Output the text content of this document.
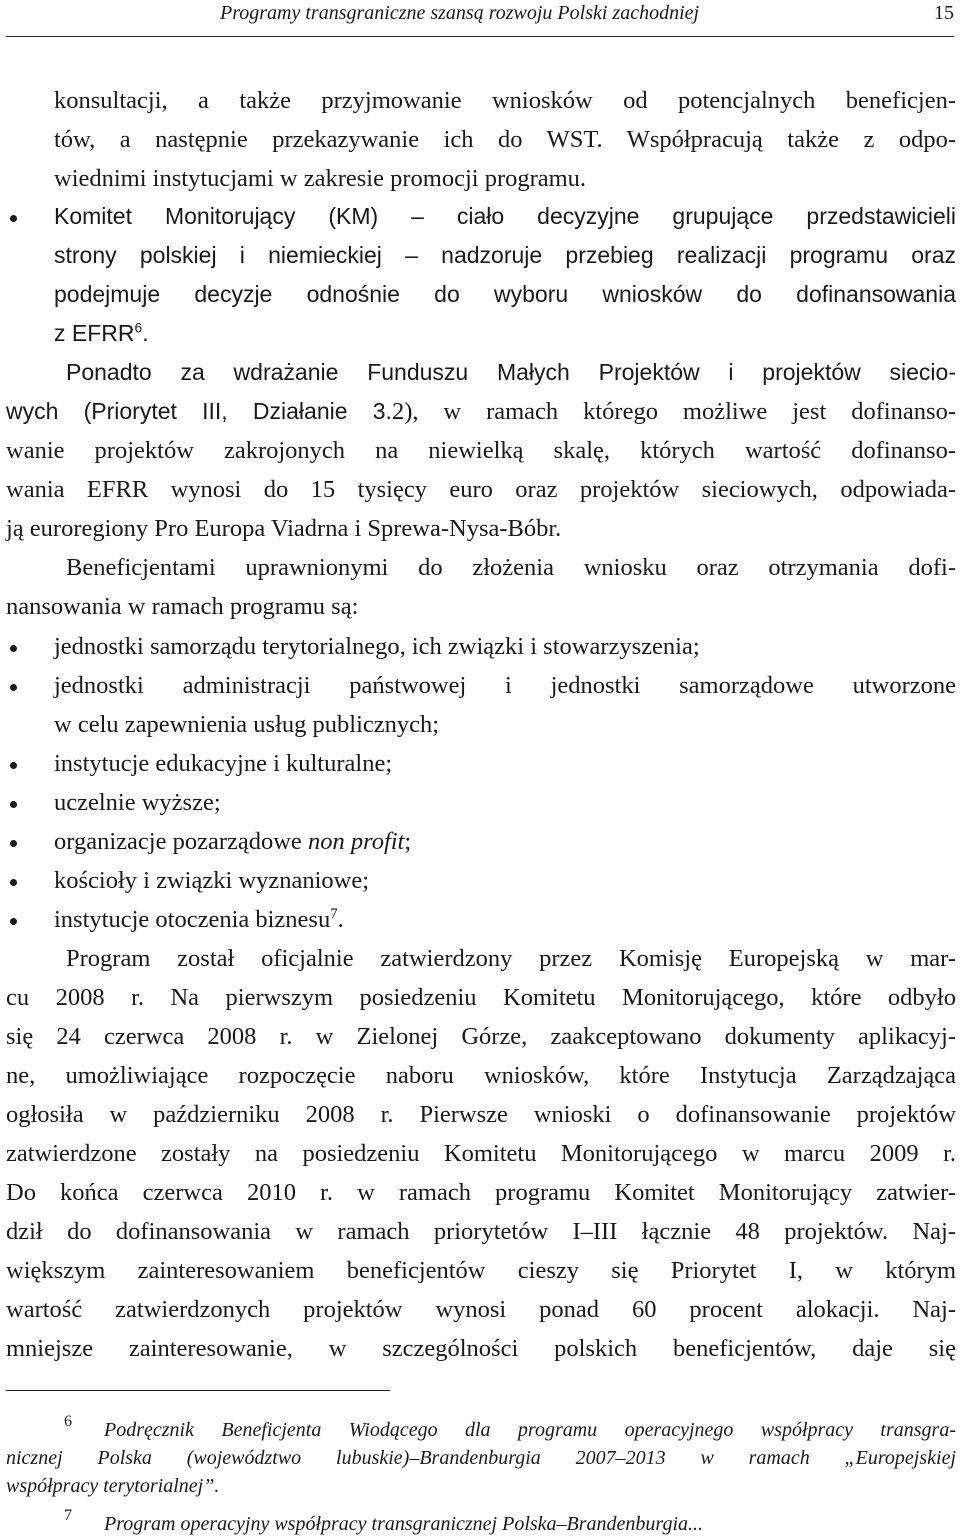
Programy transgraniczne szansą rozwoju Polski zachodniej	15
konsultacji, a także przyjmowanie wniosków od potencjalnych beneficjen-
tów, a następnie przekazywanie ich do WST. Współpracują także z odpo-
wiednimi instytucjami w zakresie promocji programu.
Komitet Monitorujący (KM) – ciało decyzyjne grupujące przedstawicieli
strony polskiej i niemieckiej – nadzoruje przebieg realizacji programu oraz
podejmuje decyzje odnośnie do wyboru wniosków do dofinansowania
z EFRR$^6$.
Ponadto za wdrażanie Funduszu Małych Projektów i projektów siecio-
wych (Priorytet III, Działanie 3.2), w ramach którego możliwe jest dofinanso-
wanie projektów zakrojonych na niewielką skalę, których wartość dofinanso-
wania EFRR wynosi do 15 tysięcy euro oraz projektów sieciowych, odpowiada-
ją euroregiony Pro Europa Viadrna i Sprewa-Nysa-Bóbr.
Beneficjentami uprawnionymi do złożenia wniosku oraz otrzymania dofi-
nansowania w ramach programu są:
jednostki samorządu terytorialnego, ich związki i stowarzyszenia;
jednostki administracji państwowej i jednostki samorządowe utworzone
w celu zapewnienia usług publicznych;
instytucje edukacyjne i kulturalne;
uczelnie wyższe;
organizacje pozarządowe non profit;
kościoły i związki wyznaniowe;
instytucje otoczenia biznesu$^7$.
Program został oficjalnie zatwierdzony przez Komisję Europejską w mar-
cu 2008 r. Na pierwszym posiedzeniu Komitetu Monitorującego, które odbyło
się 24 czerwca 2008 r. w Zielonej Górze, zaakceptowano dokumenty aplikacyj-
ne, umożliwiające rozpoczęcie naboru wniosków, które Instytucja Zarządzająca
ogłosiła w październiku 2008 r. Pierwsze wnioski o dofinansowanie projektów
zatwierdzone zostały na posiedzeniu Komitetu Monitorującego w marcu 2009 r.
Do końca czerwca 2010 r. w ramach programu Komitet Monitorujący zatwier-
dził do dofinansowania w ramach priorytetów I–III łącznie 48 projektów. Naj-
większym zainteresowaniem beneficjentów cieszy się Priorytet I, w którym
wartość zatwierdzonych projektów wynosi ponad 60 procent alokacji. Naj-
mniejsze zainteresowanie, w szczególności polskich beneficjentów, daje się
6 Podręcznik Beneficjenta Wiodącego dla programu operacyjnego współpracy transgra-
nicznej Polska (województwo lubuskie)–Brandenburgia 2007–2013 w ramach „Europejskiej
współpracy terytorialnej”.
7 Program operacyjny współpracy transgranicznej Polska–Brandenburgia...
